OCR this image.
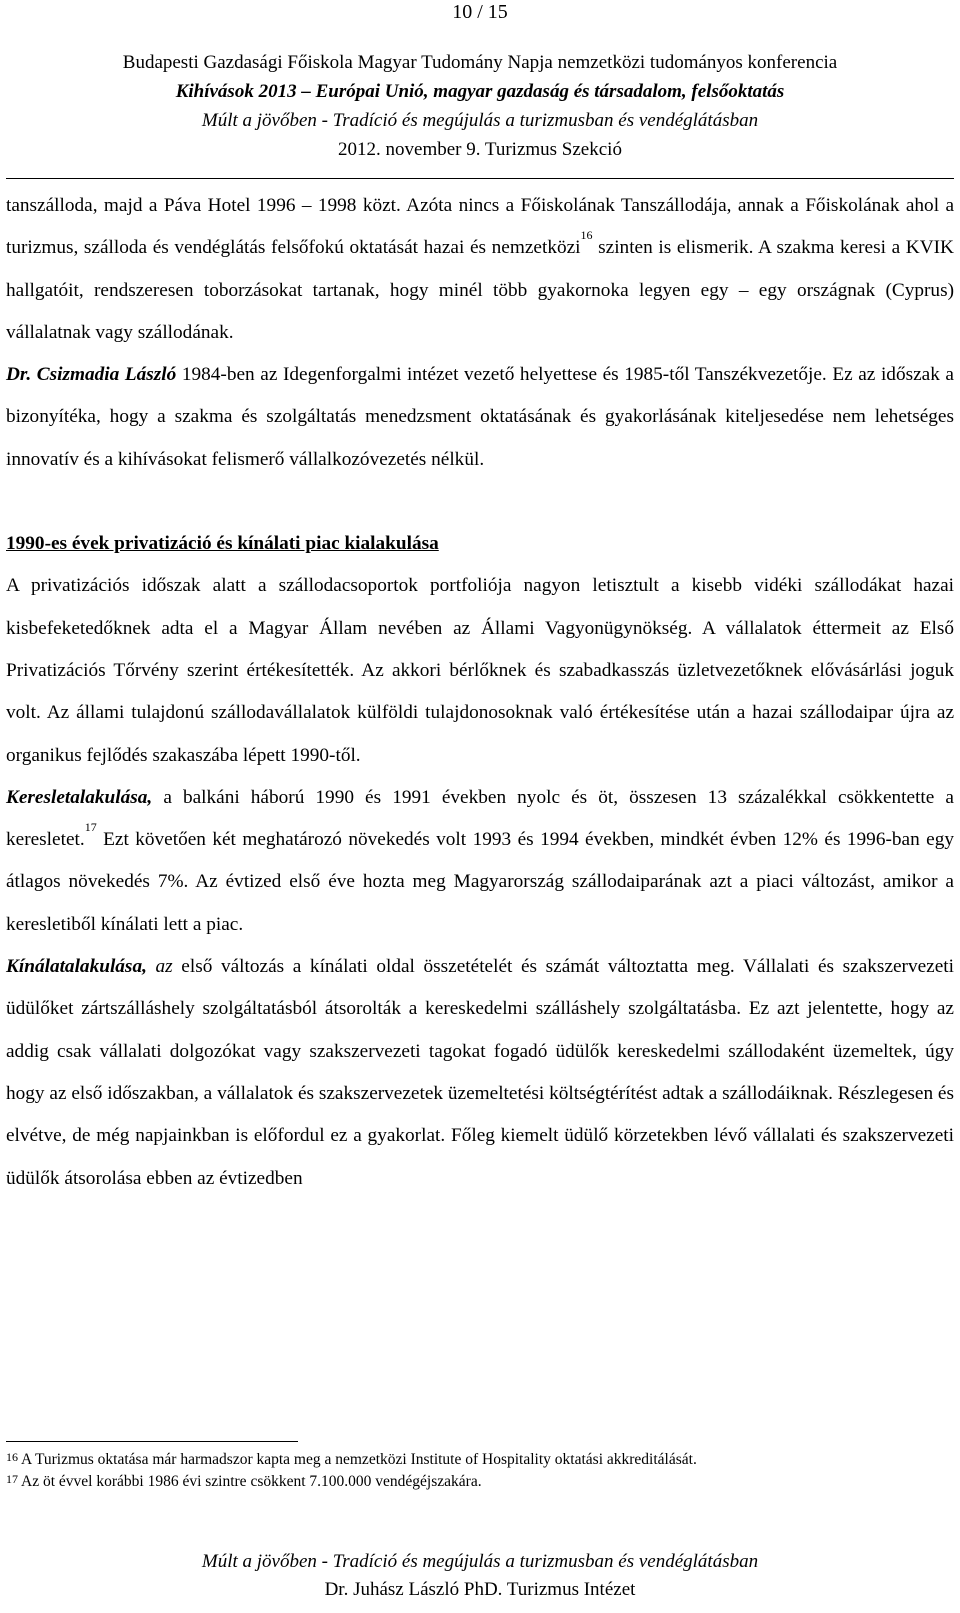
10 / 15
Budapesti Gazdasági Főiskola Magyar Tudomány Napja nemzetközi tudományos konferencia
Kihívások 2013 – Európai Unió, magyar gazdaság és társadalom, felsőoktatás
Múlt a jövőben - Tradíció és megújulás a turizmusban és vendéglátásban
2012. november 9. Turizmus Szekció

tanszálloda, majd a Páva Hotel 1996 – 1998 közt. Azóta nincs a Főiskolának Tanszállodája, annak a Főiskolának ahol a turizmus, szálloda és vendéglátás felsőfokú oktatását hazai és nemzetközi$^{16}$ szinten is elismerik. A szakma keresi a KVIK hallgatóit, rendszeresen toborzásokat tartanak, hogy minél több gyakornoka legyen egy – egy országnak (Cyprus) vállalatnak vagy szállodának.

Dr. Csizmadia László 1984-ben az Idegenforgalmi intézet vezető helyettese és 1985-től Tanszékvezetője. Ez az időszak a bizonyítéka, hogy a szakma és szolgáltatás menedzsment oktatásának és gyakorlásának kiteljesedése nem lehetséges innovatív és a kihívásokat felismerő vállalkozóvezetés nélkül.

1990-es évek privatizáció és kínálati piac kialakulása

A privatizációs időszak alatt a szállodacsoportok portfoliója nagyon letisztult a kisebb vidéki szállodákat hazai kisbefeketedőknek adta el a Magyar Állam nevében az Állami Vagyonügynökség. A vállalatok éttermeit az Első Privatizációs Tőrvény szerint értékesítették. Az akkori bérlőknek és szabadkasszás üzletvezetőknek elővásárlási joguk volt. Az állami tulajdonú szállodavállalatok külföldi tulajdonosoknak való értékesítése után a hazai szállodaipar újra az organikus fejlődés szakaszába lépett 1990-től.

Keresletalakulása, a balkáni háború 1990 és 1991 években nyolc és öt, összesen 13 százalékkal csökkentette a keresletet.$^{17}$ Ezt követően két meghatározó növekedés volt 1993 és 1994 években, mindkét évben 12% és 1996-ban egy átlagos növekedés 7%. Az évtized első éve hozta meg Magyarország szállodaiparának azt a piaci változást, amikor a keresletiből kínálati lett a piac.

Kínálatalakulása, az első változás a kínálati oldal összetételét és számát változtatta meg. Vállalati és szakszervezeti üdülőket zártszálláshely szolgáltatásból átsorolták a kereskedelmi szálláshely szolgáltatásba. Ez azt jelentette, hogy az addig csak vállalati dolgozókat vagy szakszervezeti tagokat fogadó üdülők kereskedelmi szállodaként üzemeltek, úgy hogy az első időszakban, a vállalatok és szakszervezetek üzemeltetési költségtérítést adtak a szállodáiknak. Részlegesen és elvétve, de még napjainkban is előfordul ez a gyakorlat. Főleg kiemelt üdülő körzetekben lévő vállalati és szakszervezeti üdülők átsorolása ebben az évtizedben

$^{16}$ A Turizmus oktatása már harmadszor kapta meg a nemzetközi Institute of Hospitality oktatási akkreditálását.
$^{17}$ Az öt évvel korábbi 1986 évi szintre csökkent 7.100.000 vendégéjszakára.
Múlt a jövőben - Tradíció és megújulás a turizmusban és vendéglátásban
Dr. Juhász László PhD. Turizmus Intézet
